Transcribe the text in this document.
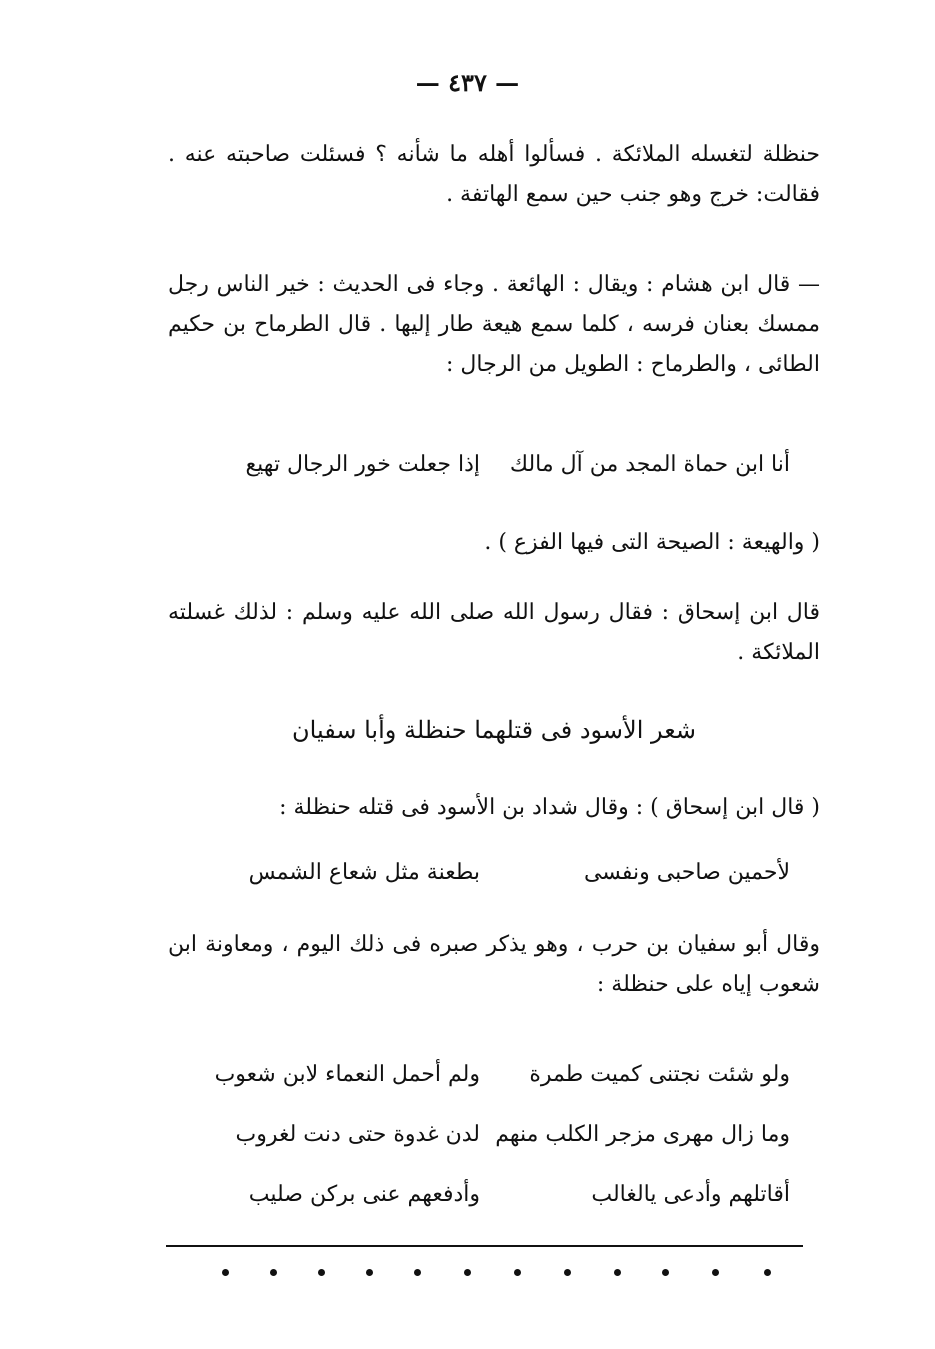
— ٤٣٧ —
حنظلة لتغسله الملائكة . فسألوا أهله ما شأنه ؟ فسئلت صاحبته عنه . فقالت: خرج وهو جنب حين سمع الهاتفة .
— قال ابن هشام : ويقال : الهائعة . وجاء فى الحديث : خير الناس رجل ممسك بعنان فرسه ، كلما سمع هيعة طار إليها . قال الطرماح بن حكيم الطائى ، والطرماح : الطويل من الرجال :
أنا ابن حماة المجد من آل مالك
إذا جعلت خور الرجال تهيع
( والهيعة : الصيحة التى فيها الفزع ) .
قال ابن إسحاق : فقال رسول الله صلى الله عليه وسلم : لذلك غسلته الملائكة .
شعر الأسود فى قتلهما حنظلة وأبا سفيان
( قال ابن إسحاق ) : وقال شداد بن الأسود فى قتله حنظلة :
لأحمين صاحبى ونفسى
بطعنة مثل شعاع الشمس
وقال أبو سفيان بن حرب ، وهو يذكر صبره فى ذلك اليوم ، ومعاونة ابن شعوب إياه على حنظلة :
ولو شئت نجتنى كميت طمرة
ولم أحمل النعماء لابن شعوب
وما زال مهرى مزجر الكلب منهم
لدن غدوة حتى دنت لغروب
أقاتلهم وأدعى يالغالب
وأدفعهم عنى بركن صليب
